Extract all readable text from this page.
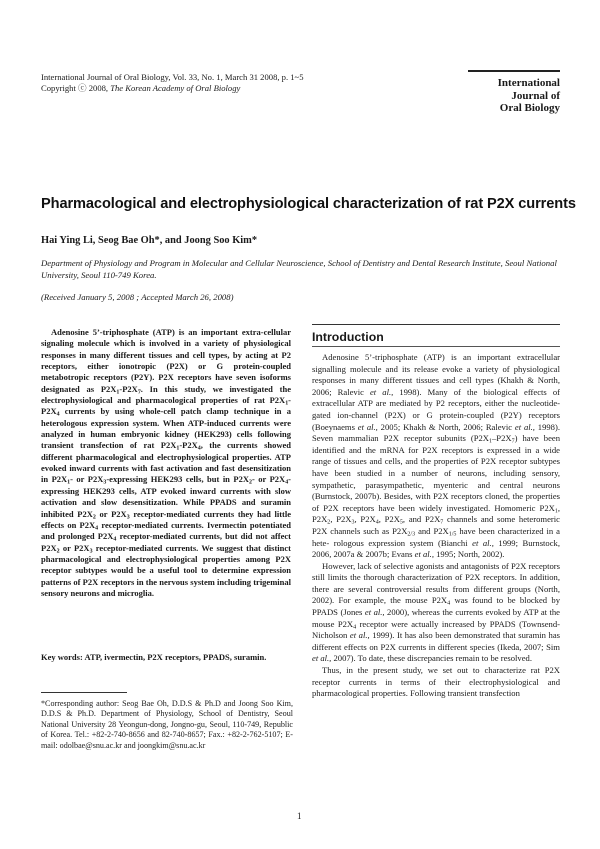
International Journal of Oral Biology, Vol. 33, No. 1, March 31 2008, p. 1~5
Copyright ⓒ 2008, The Korean Academy of Oral Biology	International
Journal of
Oral Biology
Pharmacological and electrophysiological characterization of rat P2X currents
Hai Ying Li, Seog Bae Oh*, and Joong Soo Kim*
Department of Physiology and Program in Molecular and Cellular Neuroscience, School of Dentistry and Dental Research Institute, Seoul National University, Seoul 110-749 Korea.
(Received January 5, 2008 ; Accepted March 26, 2008)

Adenosine 5’-triphosphate (ATP) is an important extra-cellular signaling molecule which is involved in a variety of physiological responses in many different tissues and cell types, by acting at P2 receptors, either ionotropic (P2X) or G protein-coupled metabotropic receptors (P2Y). P2X receptors have seven isoforms designated as $P2X_1-P2X_7$. In this study, we investigated the electrophysiological and pharmacological properties of rat $P2X_1-P2X_4$ currents by using whole-cell patch clamp technique in a heterologous expression system. When ATP-induced currents were analyzed in human embryonic kidney (HEK293) cells following transient transfection of rat $P2X_1-P2X_4$, the currents showed different pharmacological and electrophysiological properties. ATP evoked inward currents with fast activation and fast desensitization in $P2X_1-$ or $P2X_3$-expressing HEK293 cells, but in $P2X_2-$ or $P2X_4$-expressing HEK293 cells, ATP evoked inward currents with slow activation and slow desensitization. While PPADS and suramin inhibited $P2X_2$ or $P2X_3$ receptor-mediated currents they had little effects on $P2X_4$ receptor-mediated currents. Ivermectin potentiated and prolonged $P2X_4$ receptor-mediated currents, but did not affect $P2X_2$ or $P2X_3$ receptor-mediated currents. We suggest that distinct pharmacological and electrophysiological properties among P2X receptor subtypes would be a useful tool to determine expression patterns of P2X receptors in the nervous system including trigeminal sensory neurons and microglia.

Key words: ATP, ivermectin, P2X receptors, PPADS, suramin.

*Corresponding author: Seog Bae Oh, D.D.S & Ph.D and Joong Soo Kim, D.D.S & Ph.D. Department of Physiology, School of Dentistry, Seoul National University 28 Yeongun-dong, Jongno-gu, Seoul, 110-749, Republic of Korea. Tel.: +82-2-740-8656 and 82-740-8657; Fax.: +82-2-762-5107; E-mail: odolbae@snu.ac.kr and joongkim@snu.ac.kr

Introduction

Adenosine 5’-triphosphate (ATP) is an important extracellular signalling molecule and its release evoke a variety of physiological responses in many different tissues and cell types (Khakh & North, 2006; Ralevic et al., 1998). Many of the biological effects of extracellular ATP are mediated by P2 receptors, either the nucleotide-gated ion-channel (P2X) or G protein-coupled (P2Y) receptors (Boeynaems et al., 2005; Khakh & North, 2006; Ralevic et al., 1998). Seven mammalian P2X receptor subunits $(P2X_1-P2X_7)$ have been identified and the mRNA for P2X receptors is expressed in a wide range of tissues and cells, and the properties of P2X receptor subtypes have been studied in a number of neurons, including sensory, sympathetic, parasympathetic, myenteric and central neurons (Burnstock, 2007b). Besides, with P2X receptors cloned, the properties of P2X receptors have been widely investigated. Homomeric $P2X_1$, $P2X_2$, $P2X_3$, $P2X_4$, $P2X_5$, and $P2X_7$ channels and some heteromeric P2X channels such as $P2X_{2/3}$ and $P2X_{1/5}$ have been characterized in a hete- rologous expression system (Bianchi et al., 1999; Burnstock, 2006, 2007a & 2007b; Evans et al., 1995; North, 2002).

However, lack of selective agonists and antagonists of P2X receptors still limits the thorough characterization of P2X receptors. In addition, there are several controversial results from different groups (North, 2002). For example, the mouse $P2X_4$ was found to be blocked by PPADS (Jones et al., 2000), whereas the currents evoked by ATP at the mouse $P2X_4$ receptor were actually increased by PPADS (Townsend-Nicholson et al., 1999). It has also been demonstrated that suramin has different effects on P2X currents in different species (Ikeda, 2007; Sim et al., 2007). To date, these discrepancies remain to be resolved.

Thus, in the present study, we set out to characterize rat P2X receptor currents in terms of their electrophysiological and pharmacological properties. Following transient transfection

1
